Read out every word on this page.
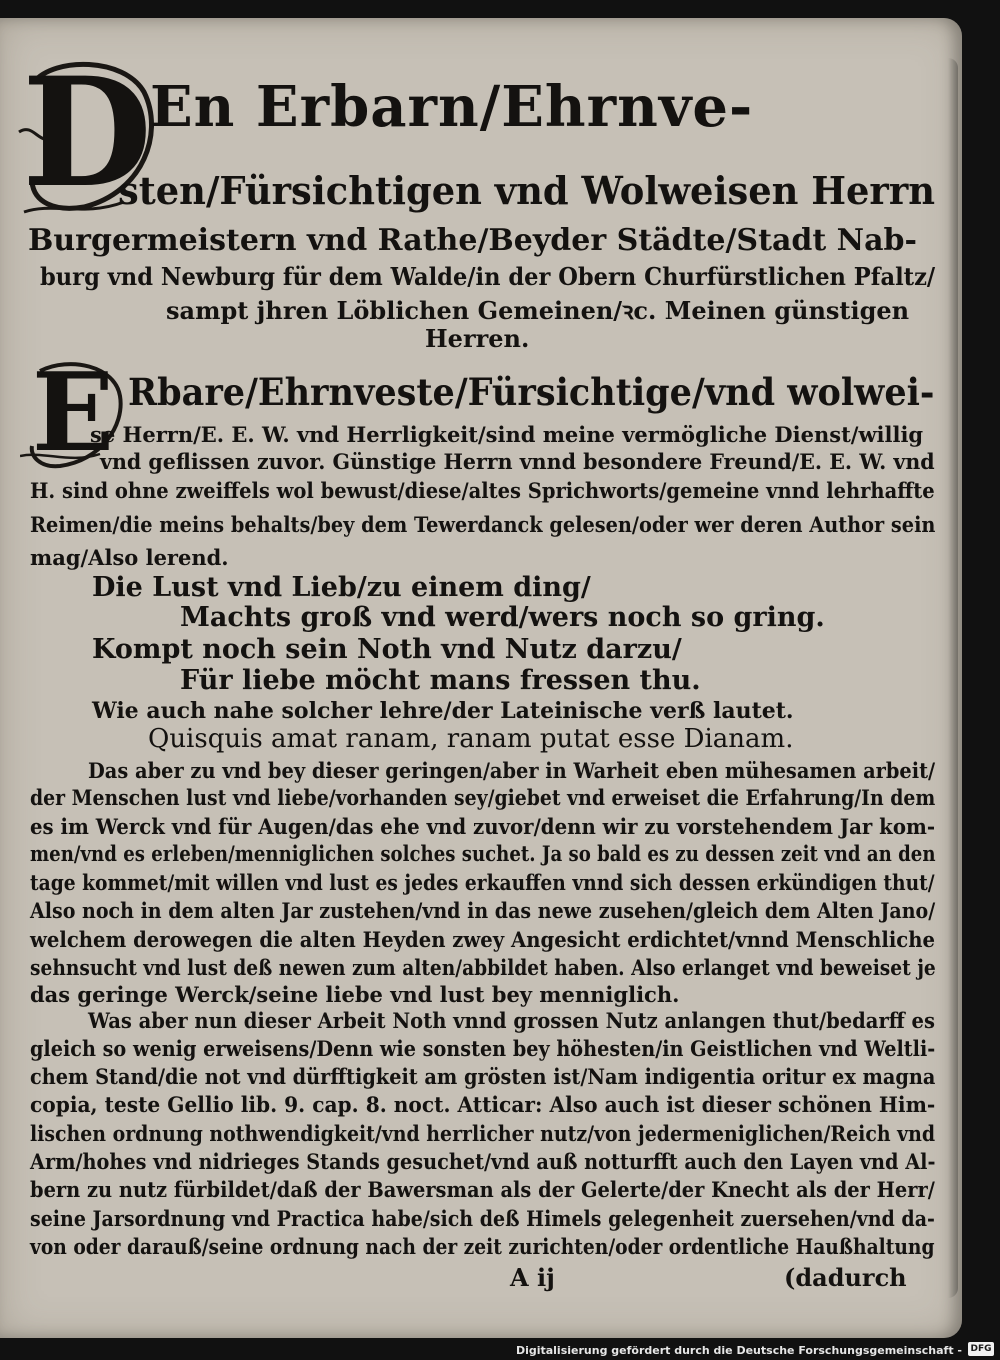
D
E
En Erbarn/Ehrnve-
sten/Fürsichtigen vnd Wolweisen Herrn
Burgermeistern vnd Rathe/Beyder Städte/Stadt Nab-
burg vnd Newburg für dem Walde/in der Obern Churfürstlichen Pfaltz/
sampt jhren Löblichen Gemeinen/ꝛc. Meinen günstigen
Herren.
Rbare/Ehrnveste/Fürsichtige/vnd wolwei-
se Herrn/E. E. W. vnd Herrligkeit/sind meine vermögliche Dienst/willig
vnd geflissen zuvor. Günstige Herrn vnnd besondere Freund/E. E. W. vnd
H. sind ohne zweiffels wol bewust/diese/altes Sprichworts/gemeine vnnd lehrhaffte
Reimen/die meins behalts/bey dem Tewerdanck gelesen/oder wer deren Author sein
mag/Also lerend.
Die Lust vnd Lieb/zu einem ding/
Machts groß vnd werd/wers noch so gring.
Kompt noch sein Noth vnd Nutz darzu/
Für liebe möcht mans fressen thu.
Wie auch nahe solcher lehre/der Lateinische verß lautet.
Quisquis amat ranam, ranam putat esse Dianam.
Das aber zu vnd bey dieser geringen/aber in Warheit eben mühesamen arbeit/
der Menschen lust vnd liebe/vorhanden sey/giebet vnd erweiset die Erfahrung/In dem
es im Werck vnd für Augen/das ehe vnd zuvor/denn wir zu vorstehendem Jar kom-
men/vnd es erleben/menniglichen solches suchet. Ja so bald es zu dessen zeit vnd an den
tage kommet/mit willen vnd lust es jedes erkauffen vnnd sich dessen erkündigen thut/
Also noch in dem alten Jar zustehen/vnd in das newe zusehen/gleich dem Alten Jano/
welchem derowegen die alten Heyden zwey Angesicht erdichtet/vnnd Menschliche
sehnsucht vnd lust deß newen zum alten/abbildet haben. Also erlanget vnd beweiset je
das geringe Werck/seine liebe vnd lust bey menniglich.
Was aber nun dieser Arbeit Noth vnnd grossen Nutz anlangen thut/bedarff es
gleich so wenig erweisens/Denn wie sonsten bey höhesten/in Geistlichen vnd Weltli-
chem Stand/die not vnd dürfftigkeit am grösten ist/Nam indigentia oritur ex magna
copia, teste Gellio lib. 9. cap. 8. noct. Atticar: Also auch ist dieser schönen Him-
lischen ordnung nothwendigkeit/vnd herrlicher nutz/von jedermeniglichen/Reich vnd
Arm/hohes vnd nidrieges Stands gesuchet/vnd auß notturfft auch den Layen vnd Al-
bern zu nutz fürbildet/daß der Bawersman als der Gelerte/der Knecht als der Herr/
seine Jarsordnung vnd Practica habe/sich deß Himels gelegenheit zuersehen/vnd da-
von oder darauß/seine ordnung nach der zeit zurichten/oder ordentliche Haußhaltung
A ij	(dadurch
Digitalisierung gefördert durch die Deutsche Forschungsgemeinschaft - DFG
